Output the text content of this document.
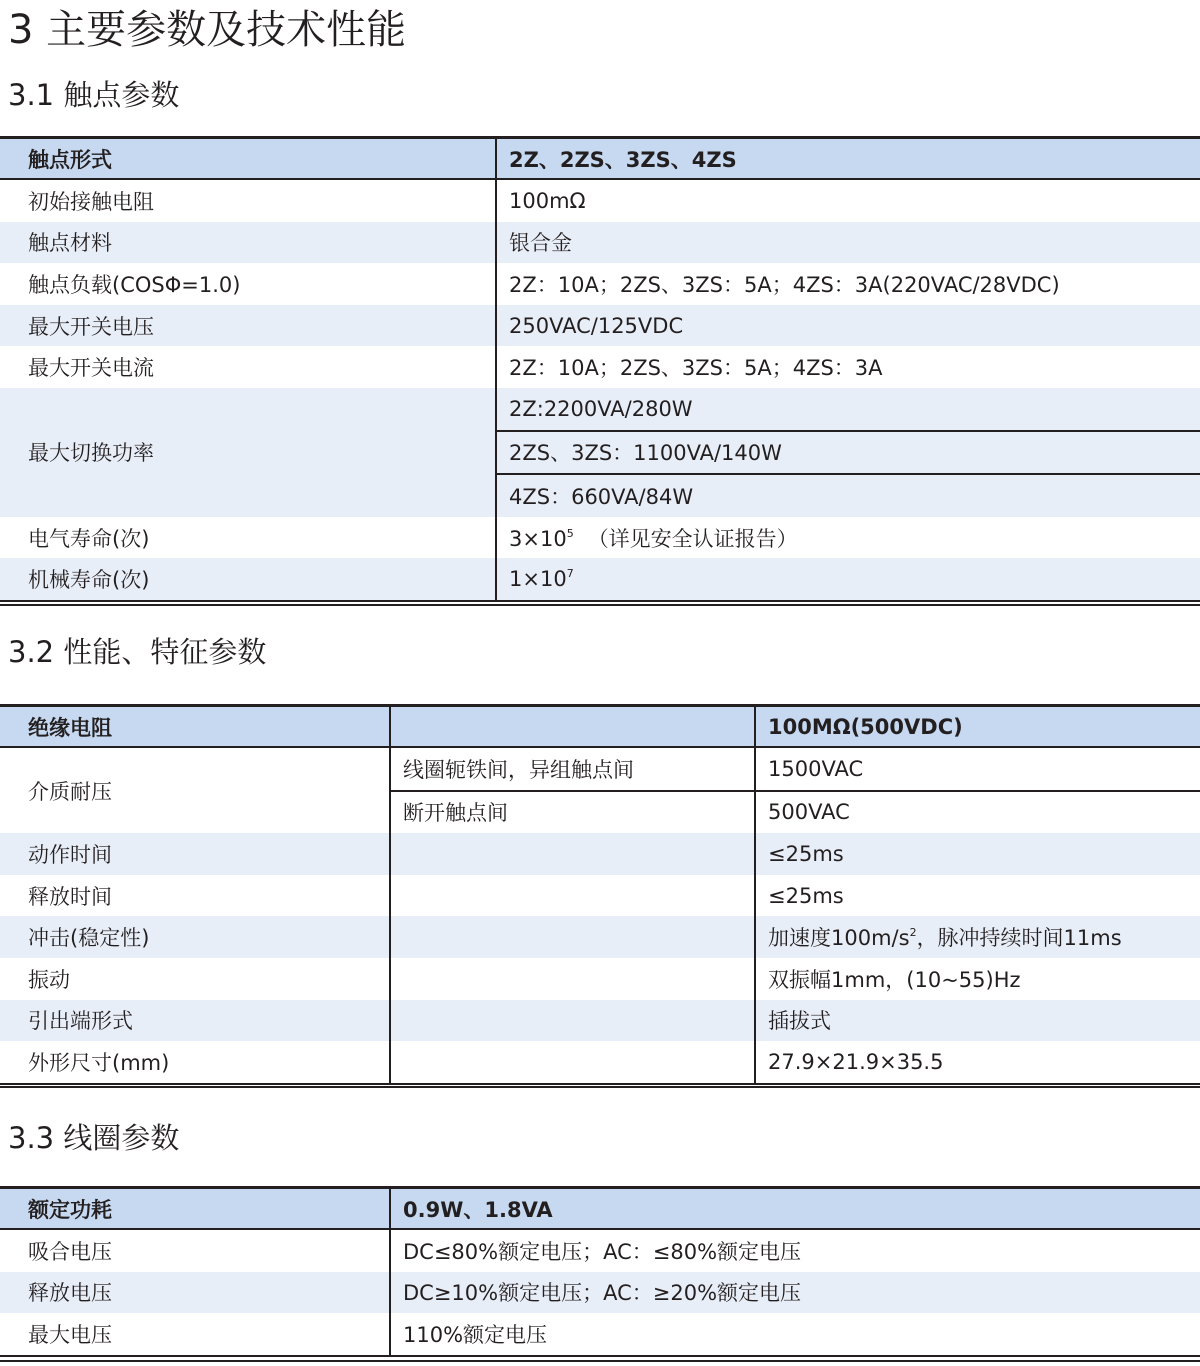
3 主要参数及技术性能
3.1 触点参数
触点形式	2Z、2ZS、3ZS、4ZS
初始接触电阻	100mΩ
触点材料	银合金
触点负载(COSΦ=1.0)	2Z：10A；2ZS、3ZS：5A；4ZS：3A(220VAC/28VDC)
最大开关电压	250VAC/125VDC
最大开关电流	2Z：10A；2ZS、3ZS：5A；4ZS：3A
最大切换功率	2Z:2200VA/280W
	2ZS、3ZS：1100VA/140W
	4ZS：660VA/84W
电气寿命(次)	$3\times 10^5$ （详见安全认证报告）
机械寿命(次)	$1\times 10^7$
3.2 性能、特征参数
绝缘电阻		100MΩ(500VDC)
介质耐压	线圈轭铁间，异组触点间	1500VAC
	断开触点间	500VAC
动作时间		≤25ms
释放时间		≤25ms
冲击(稳定性)		加速度$100m/s^2$，脉冲持续时间11ms
振动		双振幅1mm，(10~55)Hz
引出端形式		插拔式
外形尺寸(mm)		27.9×21.9×35.5
3.3 线圈参数
额定功耗	0.9W、1.8VA
吸合电压	DC≤80%额定电压；AC：≤80%额定电压
释放电压	DC≥10%额定电压；AC：≥20%额定电压
最大电压	110%额定电压
